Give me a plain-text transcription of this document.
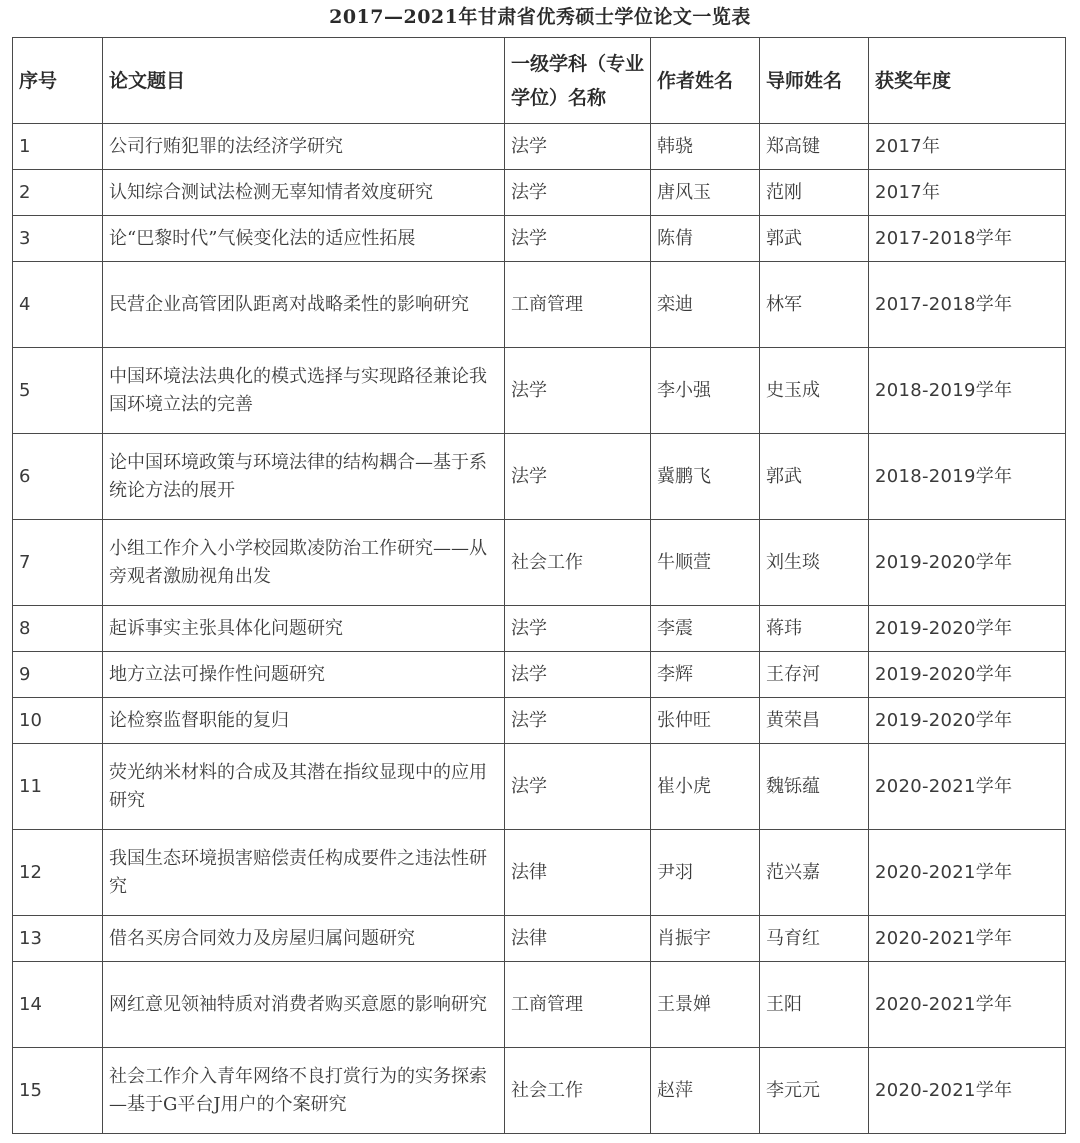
2017—2021年甘肃省优秀硕士学位论文一览表
序号	论文题目	一级学科（专业学位）名称	作者姓名	导师姓名	获奖年度
1	公司行贿犯罪的法经济学研究	法学	韩骁	郑高键	2017年
2	认知综合测试法检测无辜知情者效度研究	法学	唐风玉	范刚	2017年
3	论“巴黎时代”气候变化法的适应性拓展	法学	陈倩	郭武	2017-2018学年
4	民营企业高管团队距离对战略柔性的影响研究	工商管理	栾迪	林军	2017-2018学年
5	中国环境法法典化的模式选择与实现路径兼论我国环境立法的完善	法学	李小强	史玉成	2018-2019学年
6	论中国环境政策与环境法律的结构耦合—基于系统论方法的展开	法学	冀鹏飞	郭武	2018-2019学年
7	小组工作介入小学校园欺凌防治工作研究——从旁观者激励视角出发	社会工作	牛顺萱	刘生琰	2019-2020学年
8	起诉事实主张具体化问题研究	法学	李震	蒋玮	2019-2020学年
9	地方立法可操作性问题研究	法学	李辉	王存河	2019-2020学年
10	论检察监督职能的复归	法学	张仲旺	黄荣昌	2019-2020学年
11	荧光纳米材料的合成及其潜在指纹显现中的应用研究	法学	崔小虎	魏铄蕴	2020-2021学年
12	我国生态环境损害赔偿责任构成要件之违法性研究	法律	尹羽	范兴嘉	2020-2021学年
13	借名买房合同效力及房屋归属问题研究	法律	肖振宇	马育红	2020-2021学年
14	网红意见领袖特质对消费者购买意愿的影响研究	工商管理	王景婵	王阳	2020-2021学年
15	社会工作介入青年网络不良打赏行为的实务探索—基于G平台J用户的个案研究	社会工作	赵萍	李元元	2020-2021学年
